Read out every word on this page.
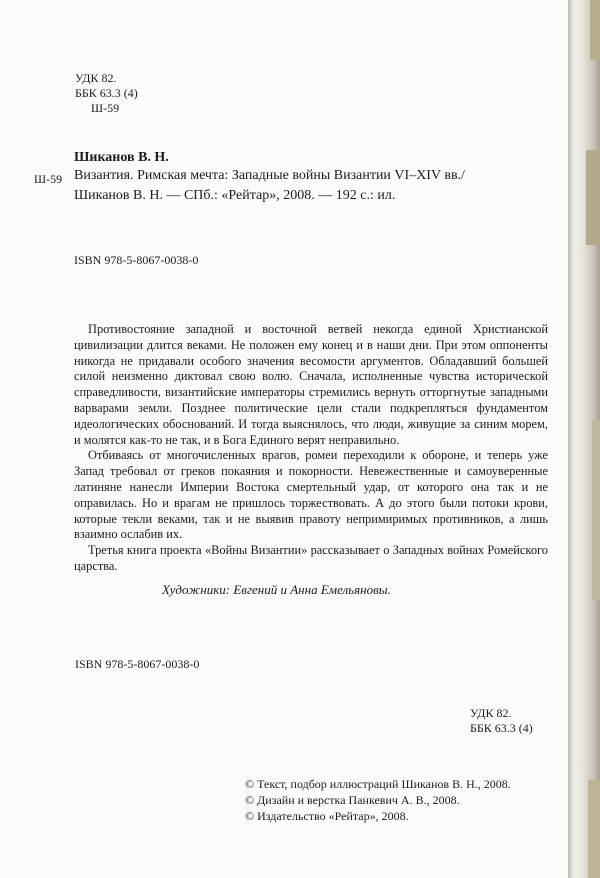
УДК 82.
ББК 63.3 (4)
Ш-59
Шиканов В. Н.
Ш-59 Византия. Римская мечта: Западные войны Византии VI–XIV вв./
Шиканов В. Н. — СПб.: «Рейтар», 2008. — 192 с.: ил.
ISBN 978-5-8067-0038-0

Противостояние западной и восточной ветвей некогда единой Христианской цивилизации длится веками. Не положен ему конец и в наши дни. При этом оппоненты никогда не придавали особого значения весомости аргументов. Обладавший большей силой неизменно диктовал свою волю. Сначала, исполненные чувства исторической справедливости, византийские императоры стремились вернуть отторгнутые западными варварами земли. Позднее политические цели стали подкрепляться фундаментом идеологических обоснований. И тогда выяснялось, что люди, живущие за синим морем, и молятся как-то не так, и в Бога Единого верят неправильно.

Отбиваясь от многочисленных врагов, ромеи переходили к обороне, и теперь уже Запад требовал от греков покаяния и покорности. Невежественные и самоуверенные латиняне нанесли Империи Востока смертельный удар, от которого она так и не оправилась. Но и врагам не пришлось торжествовать. А до этого были потоки крови, которые текли веками, так и не выявив правоту непримиримых противников, а лишь взаимно ослабив их.

Третья книга проекта «Войны Византии» рассказывает о Западных войнах Ромейского царства.

Художники: Евгений и Анна Емельяновы.
ISBN 978-5-8067-0038-0
УДК 82.
ББК 63.3 (4)
© Текст, подбор иллюстраций Шиканов В. Н., 2008.
© Дизайн и верстка Панкевич А. В., 2008.
© Издательство «Рейтар», 2008.
